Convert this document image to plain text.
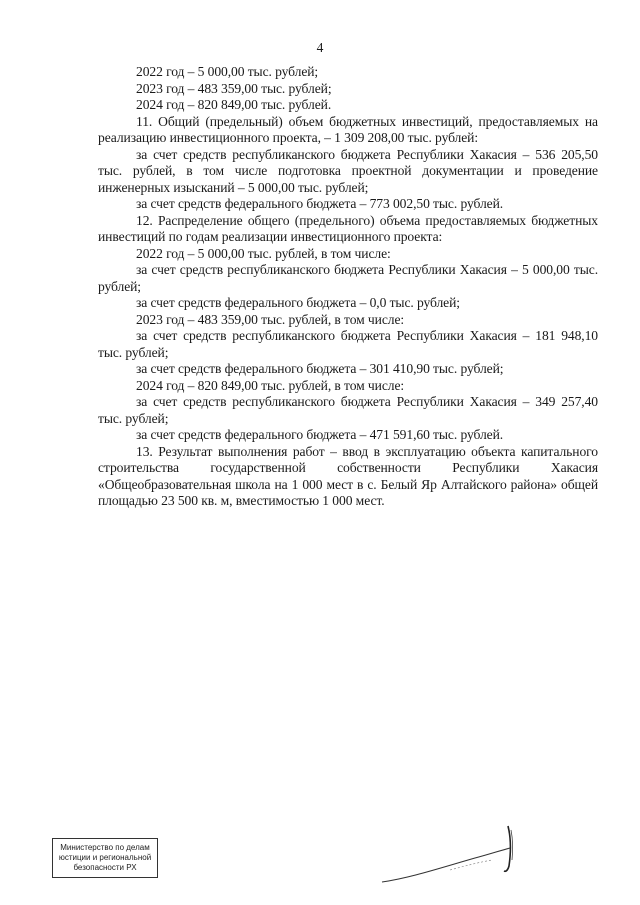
4

2022 год – 5 000,00 тыс. рублей;

2023 год – 483 359,00 тыс. рублей;

2024 год – 820 849,00 тыс. рублей.

11. Общий (предельный) объем бюджетных инвестиций, предоставляемых на реализацию инвестиционного проекта, – 1 309 208,00 тыс. рублей:

за счет средств республиканского бюджета Республики Хакасия – 536 205,50 тыс. рублей, в том числе подготовка проектной документации и проведение инженерных изысканий – 5 000,00 тыс. рублей;

за счет средств федерального бюджета – 773 002,50 тыс. рублей.

12. Распределение общего (предельного) объема предоставляемых бюджетных инвестиций по годам реализации инвестиционного проекта:

2022 год – 5 000,00 тыс. рублей, в том числе:

за счет средств республиканского бюджета Республики Хакасия – 5 000,00 тыс. рублей;

за счет средств федерального бюджета – 0,0 тыс. рублей;

2023 год – 483 359,00 тыс. рублей, в том числе:

за счет средств республиканского бюджета Республики Хакасия – 181 948,10 тыс. рублей;

за счет средств федерального бюджета – 301 410,90 тыс. рублей;

2024 год – 820 849,00 тыс. рублей, в том числе:

за счет средств республиканского бюджета Республики Хакасия – 349 257,40 тыс. рублей;

за счет средств федерального бюджета – 471 591,60 тыс. рублей.

13. Результат выполнения работ – ввод в эксплуатацию объекта капитального строительства государственной собственности Республики Хакасия «Общеобразовательная школа на 1 000 мест в с. Белый Яр Алтайского района» общей площадью 23 500 кв. м, вместимостью 1 000 мест.

Министерство по делам
юстиции и региональной
безопасности РХ
